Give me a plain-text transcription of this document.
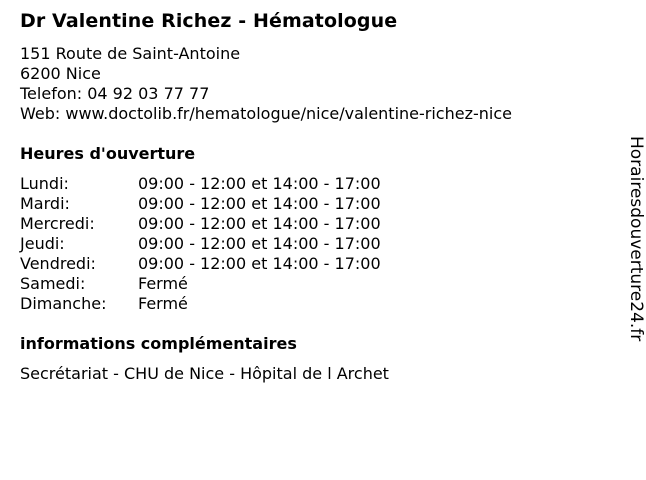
Dr Valentine Richez - Hématologue
151 Route de Saint-Antoine
6200 Nice
Telefon: 04 92 03 77 77
Web: www.doctolib.fr/hematologue/nice/valentine-richez-nice
Heures d'ouverture
Lundi:	09:00 - 12:00 et 14:00 - 17:00
Mardi:	09:00 - 12:00 et 14:00 - 17:00
Mercredi:	09:00 - 12:00 et 14:00 - 17:00
Jeudi:	09:00 - 12:00 et 14:00 - 17:00
Vendredi:	09:00 - 12:00 et 14:00 - 17:00
Samedi:	Fermé
Dimanche:	Fermé
informations complémentaires
Secrétariat - CHU de Nice - Hôpital de l Archet
Horairesdouverture24.fr
